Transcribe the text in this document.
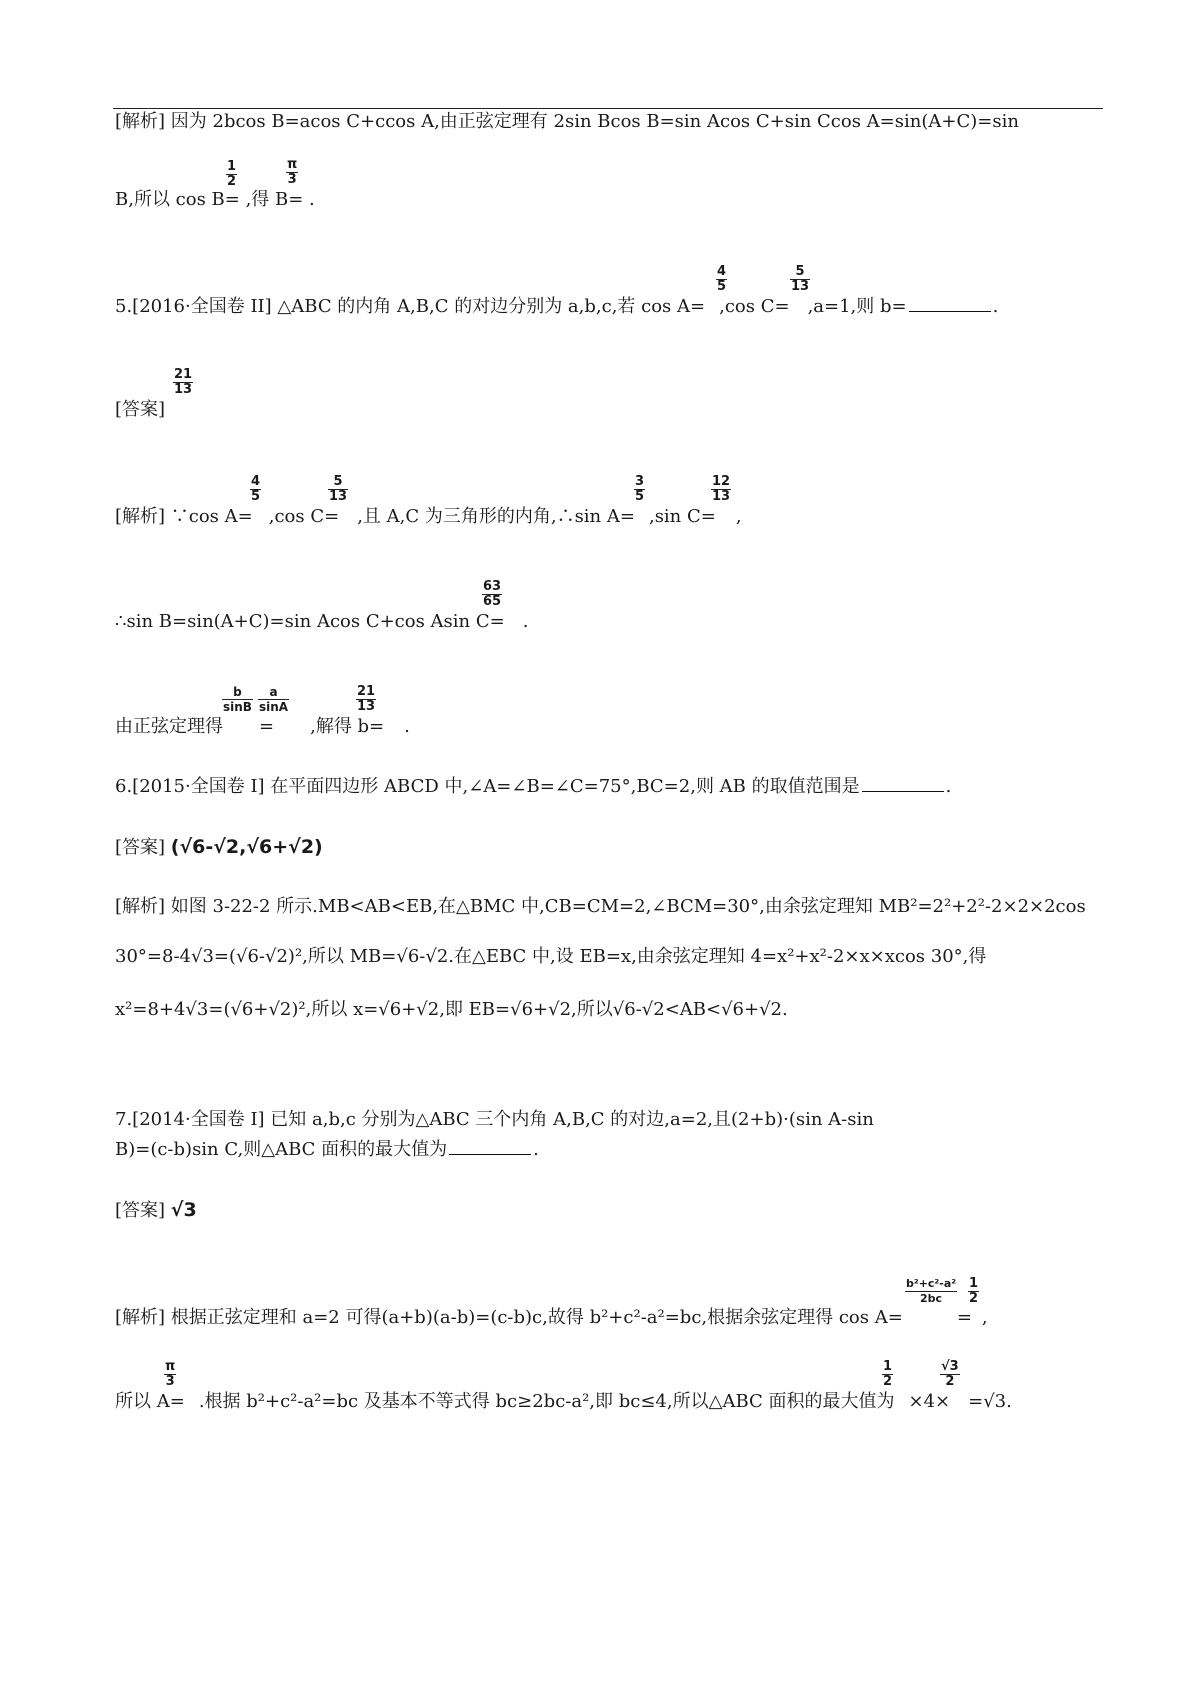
[解析] 因为 2bcos B=acos C+ccos A,由正弦定理有 2sin Bcos B=sin Acos C+sin Ccos A=sin(A+C)=sin
$\frac{1}{2}$	$\frac{\pi}{3}$
B,所以 cos B= ,得 B= .
$\frac{4}{5}$	$\frac{5}{13}$
5.[2016·全国卷 II] △ABC 的内角 A,B,C 的对边分别为 a,b,c,若 cos A= ,cos C= ,a=1,则 b=	.
$\frac{21}{13}$
[答案]
$\frac{4}{5}$	$\frac{5}{13}$	$\frac{3}{5}$	$\frac{12}{13}$
[解析] ∵cos A= ,cos C= ,且 A,C 为三角形的内角,∴sin A= ,sin C= ,
$\frac{63}{65}$
∴sin B=sin(A+C)=sin Acos C+cos Asin C= .
$\frac{b}{\sin B} \frac{a}{\sin A}$	$\frac{21}{13}$
由正弦定理得 = ,解得 b= .
6.[2015·全国卷 I] 在平面四边形 ABCD 中,∠A=∠B=∠C=75°,BC=2,则 AB 的取值范围是	.
[答案] (√6-√2,√6+√2)
[解析] 如图 3-22-2 所示.MB<AB<EB,在△BMC 中,CB=CM=2,∠BCM=30°,由余弦定理知 MB²=2²+2²-2×2×2cos
30°=8-4√3=(√6-√2)²,所以 MB=√6-√2.在△EBC 中,设 EB=x,由余弦定理知 4=x²+x²-2×x×xcos 30°,得
x²=8+4√3=(√6+√2)²,所以 x=√6+√2,即 EB=√6+√2,所以√6-√2<AB<√6+√2.
7.[2014·全国卷 I] 已知 a,b,c 分别为△ABC 三个内角 A,B,C 的对边,a=2,且(2+b)·(sin A-sin
B)=(c-b)sin C,则△ABC 面积的最大值为	.
[答案] √3
$\frac{\text{b²+c²-a²}}{2bc} \frac{1}{2}$
[解析] 根据正弦定理和 a=2 可得(a+b)(a-b)=(c-b)c,故得 b²+c²-a²=bc,根据余弦定理得 cos A=	= ,
$\frac{\pi}{3}$	$\frac{1}{2}$	$\frac{√3}{2}$
所以 A= .根据 b²+c²-a²=bc 及基本不等式得 bc≥2bc-a²,即 bc≤4,所以△ABC 面积的最大值为 ×4× =√3.
